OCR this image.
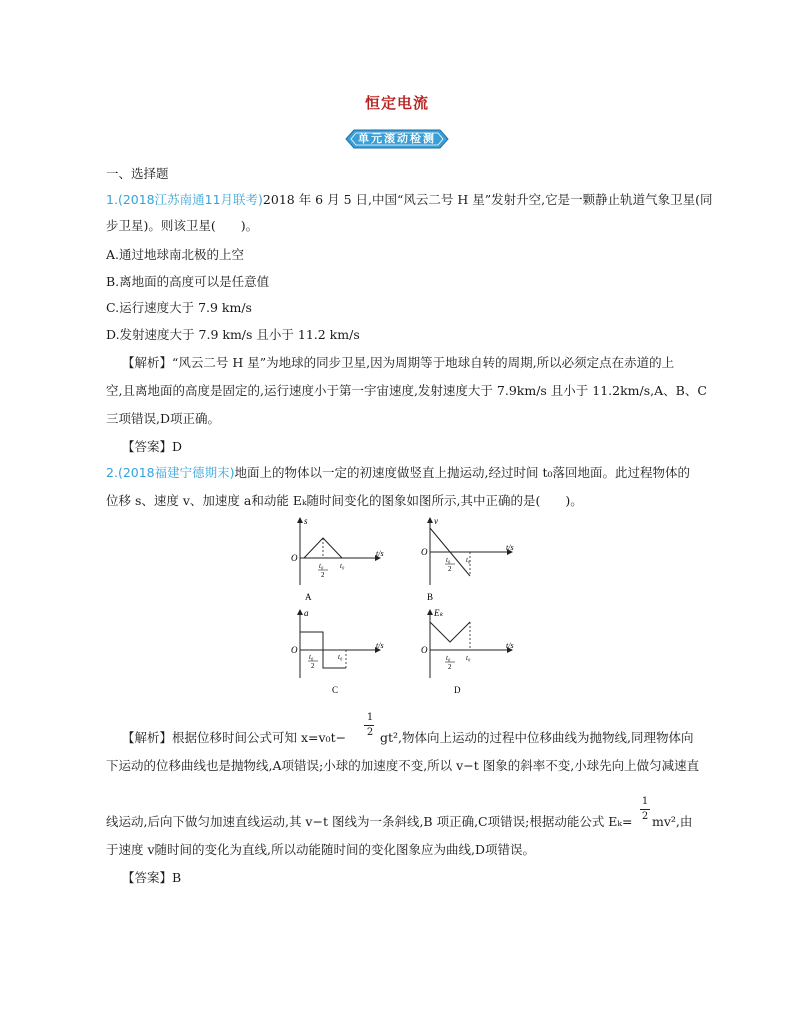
恒定电流
单元滚动检测
一、选择题
1.(2018江苏南通11月联考)2018 年 6 月 5 日,中国“风云二号 H 星”发射升空,它是一颗静止轨道气象卫星(同
步卫星)。则该卫星(　　)。
A.通过地球南北极的上空
B.离地面的高度可以是任意值
C.运行速度大于 7.9 km/s
D.发射速度大于 7.9 km/s 且小于 11.2 km/s
【解析】“风云二号 H 星”为地球的同步卫星,因为周期等于地球自转的周期,所以必须定点在赤道的上
空,且离地面的高度是固定的,运行速度小于第一宇宙速度,发射速度大于 7.9km/s 且小于 11.2km/s,A、B、C
三项错误,D项正确。
【答案】D
2.(2018福建宁德期末)地面上的物体以一定的初速度做竖直上抛运动,经过时间 t₀落回地面。此过程物体的
位移 s、速度 v、加速度 a和动能 Eₖ随时间变化的图象如图所示,其中正确的是(　　)。
s
t/s
O
t₀
2
t₀
A
v
t/s
O
t₀
2
t₀
B
a
t/s
O
t₀
2
t₀
C
Eₖ
t/s
O
t₀
2
t₀
D
【解析】根据位移时间公式可知 x=v₀t−
1
2 gt²,物体向上运动的过程中位移曲线为抛物线,同理物体向
下运动的位移曲线也是抛物线,A项错误;小球的加速度不变,所以 v−t 图象的斜率不变,小球先向上做匀减速直
线运动,后向下做匀加速直线运动,其 v−t 图线为一条斜线,B 项正确,C项错误;根据动能公式 Eₖ=
1
2 mv²,由
于速度 v随时间的变化为直线,所以动能随时间的变化图象应为曲线,D项错误。
【答案】B
